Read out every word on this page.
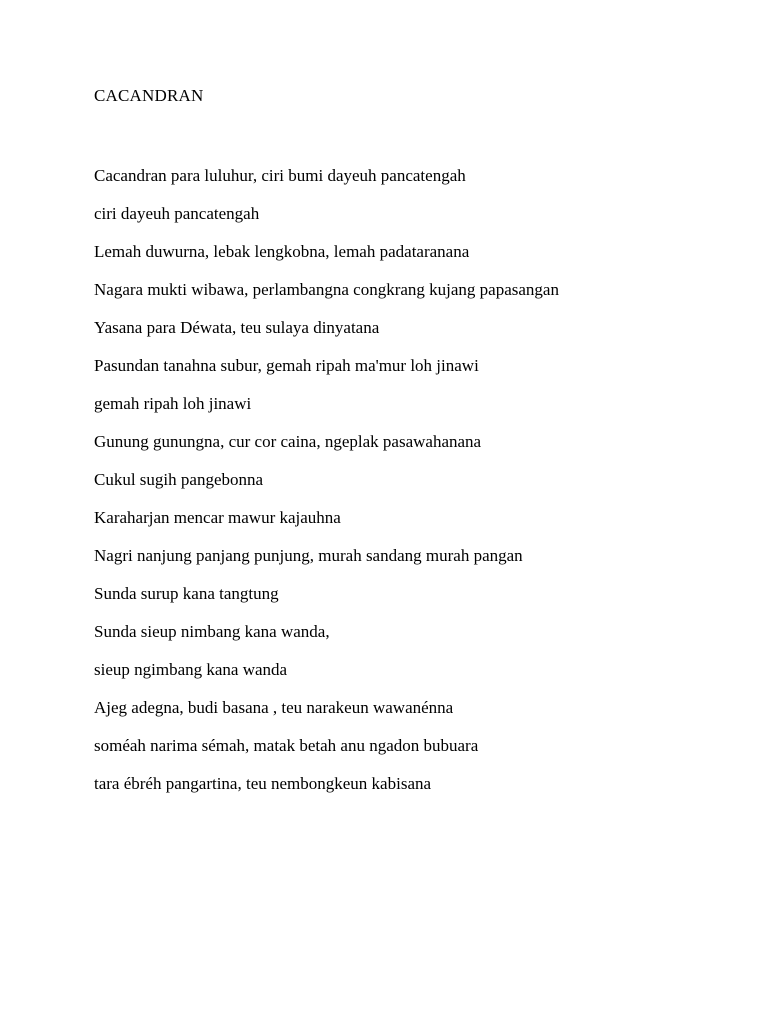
CACANDRAN
Cacandran para luluhur, ciri bumi dayeuh pancatengah
ciri dayeuh pancatengah
Lemah duwurna, lebak lengkobna, lemah padataranana
Nagara mukti wibawa, perlambangna congkrang kujang papasangan
Yasana para Déwata, teu sulaya dinyatana
Pasundan tanahna subur, gemah ripah ma'mur loh jinawi
gemah ripah loh jinawi
Gunung gunungna, cur cor caina, ngeplak pasawahanana
Cukul sugih pangebonna
Karaharjan mencar mawur kajauhna
Nagri nanjung panjang punjung, murah sandang murah pangan
Sunda surup kana tangtung
Sunda sieup nimbang kana wanda,
sieup ngimbang kana wanda
Ajeg adegna, budi basana , teu narakeun wawanénna
soméah narima sémah, matak betah anu ngadon bubuara
tara ébréh pangartina, teu nembongkeun kabisana
